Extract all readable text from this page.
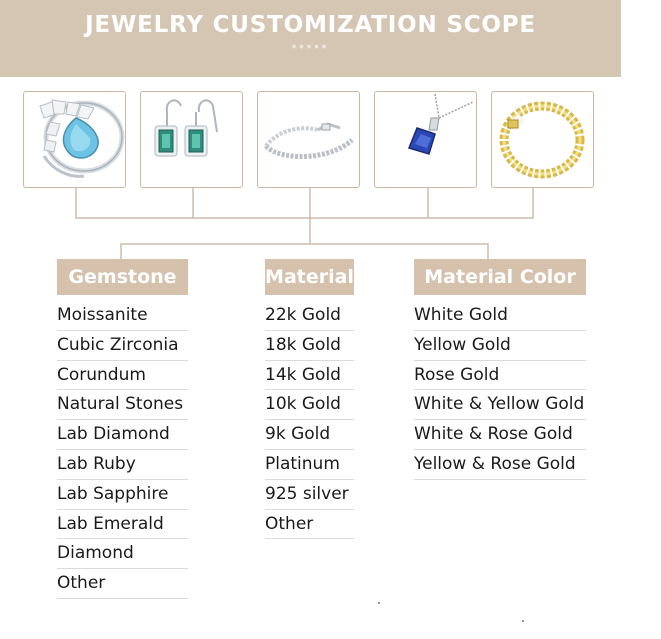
JEWELRY CUSTOMIZATION SCOPE
*****
Gemstone	Material	Material Color
Moissanite
Cubic Zirconia
Corundum
Natural Stones
Lab Diamond
Lab Ruby
Lab Sapphire
Lab Emerald
Diamond
Other
22k Gold
18k Gold
14k Gold
10k Gold
9k Gold
Platinum
925 silver
Other
White Gold
Yellow Gold
Rose Gold
White & Yellow Gold
White & Rose Gold
Yellow & Rose Gold
